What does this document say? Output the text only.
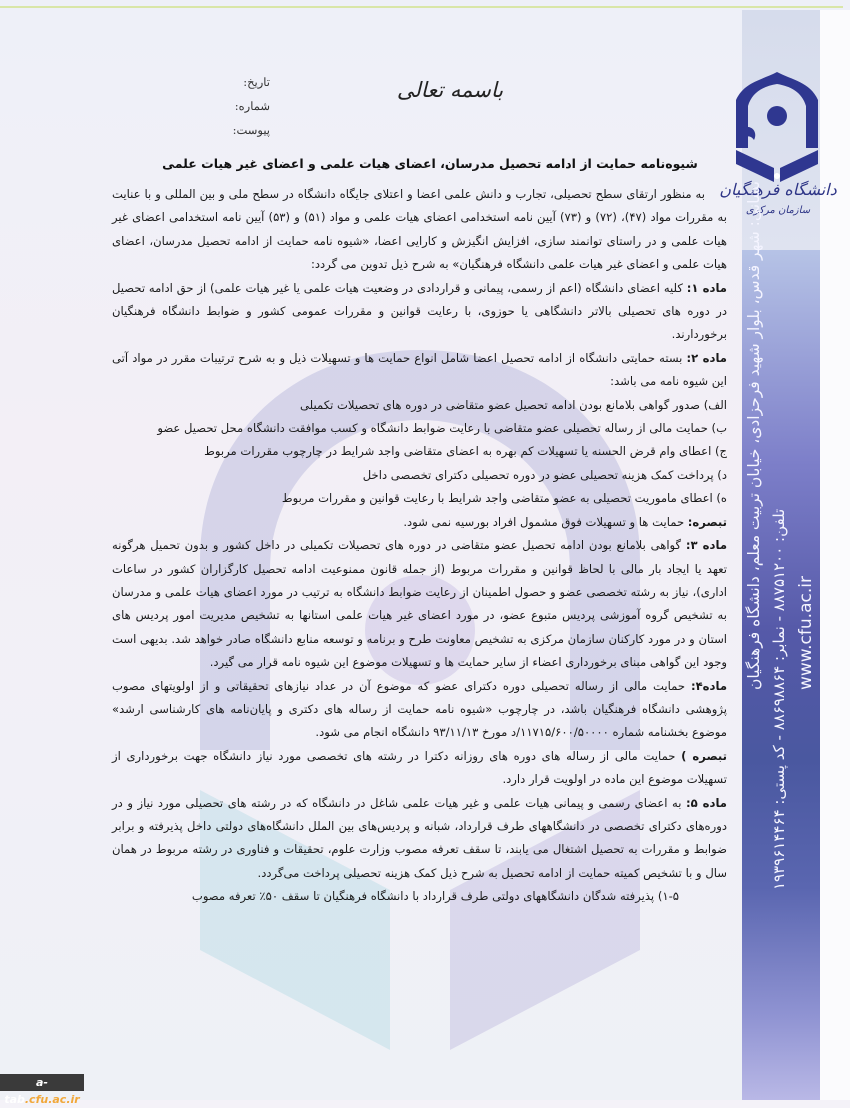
دانشگاه فرهنگیان
سازمان مرکزی
نشانی: شهر قدس، بلوار شهید فرحزادی، خیابان تربیت معلم، دانشگاه فرهنگیان
تلفن: ۸۸۷۵۱۲۰۰ - نمابر: ۸۸۶۹۸۸۶۴ - کد پستی: ۱۹۳۹۶۱۴۴۶۴
www.cfu.ac.ir
باسمه تعالی
تاریخ:
شماره:
پیوست:
شیوه‌نامه حمایت از ادامه تحصیل مدرسان، اعضای هیات علمی و اعضای غیر هیات علمی

به منظور ارتقای سطح تحصیلی، تجارب و دانش علمی اعضا و اعتلای جایگاه دانشگاه در سطح ملی و بین المللی و با عنایت به مقررات مواد (۴۷)، (۷۲) و (۷۳) آیین نامه استخدامی اعضای هیات علمی و مواد (۵۱) و (۵۳) آیین نامه استخدامی اعضای غیر هیات علمی و در راستای توانمند سازی، افزایش انگیزش و کارایی اعضا، «شیوه نامه حمایت از ادامه تحصیل مدرسان، اعضای هیات علمی و اعضای غیر هیات علمی دانشگاه فرهنگیان» به شرح ذیل تدوین می گردد:

ماده ۱: کلیه اعضای دانشگاه (اعم از رسمی، پیمانی و قراردادی در وضعیت هیات علمی یا غیر هیات علمی) از حق ادامه تحصیل در دوره های تحصیلی بالاتر دانشگاهی یا حوزوی، با رعایت قوانین و مقررات عمومی کشور و ضوابط دانشگاه فرهنگیان برخوردارند.

ماده ۲: بسته حمایتی دانشگاه از ادامه تحصیل اعضا شامل انواع حمایت ها و تسهیلات ذیل و به شرح ترتیبات مقرر در مواد آتی این شیوه نامه می باشد:

الف) صدور گواهی بلامانع بودن ادامه تحصیل عضو متقاضی در دوره های تحصیلات تکمیلی

ب) حمایت مالی از رساله تحصیلی عضو متقاضی با رعایت ضوابط دانشگاه و کسب موافقت دانشگاه محل تحصیل عضو

ج) اعطای وام قرض الحسنه یا تسهیلات کم بهره به اعضای متقاضی واجد شرایط در چارچوب مقررات مربوط

د) پرداخت کمک هزینه تحصیلی عضو در دوره تحصیلی دکترای تخصصی داخل

ه) اعطای ماموریت تحصیلی به عضو متقاضی واجد شرایط با رعایت قوانین و مقررات مربوط

تبصره: حمایت ها و تسهیلات فوق مشمول افراد بورسیه نمی شود.

ماده ۳: گواهی بلامانع بودن ادامه تحصیل عضو متقاضی در دوره های تحصیلات تکمیلی در داخل کشور و بدون تحمیل هرگونه تعهد یا ایجاد بار مالی با لحاظ قوانین و مقررات مربوط (از جمله قانون ممنوعیت ادامه تحصیل کارگزاران کشور در ساعات اداری)، نیاز به رشته تخصصی عضو و حصول اطمینان از رعایت ضوابط دانشگاه به ترتیب در مورد اعضای هیات علمی و مدرسان به تشخیص گروه آموزشی پردیس متبوع عضو، در مورد اعضای غیر هیات علمی استانها به تشخیص مدیریت امور پردیس های استان و در مورد کارکنان سازمان مرکزی به تشخیص معاونت طرح و برنامه و توسعه منابع دانشگاه صادر خواهد شد. بدیهی است وجود این گواهی مبنای برخورداری اعضاء از سایر حمایت ها و تسهیلات موضوع این شیوه نامه قرار می گیرد.

ماده۴: حمایت مالی از رساله تحصیلی دوره دکترای عضو که موضوع آن در عداد نیازهای تحقیقاتی و از اولویتهای مصوب پژوهشی دانشگاه فرهنگیان باشد، در چارچوب «شیوه نامه حمایت از رساله های دکتری و پایان‌نامه های کارشناسی ارشد» موضوع بخشنامه شماره ۱۱۷۱۵/۶۰۰/۵۰۰۰۰/د مورخ ۹۳/۱۱/۱۳ دانشگاه انجام می شود.

تبصره ) حمایت مالی از رساله های دوره های روزانه دکترا در رشته های تخصصی مورد نیاز دانشگاه جهت برخورداری از تسهیلات موضوع این ماده در اولویت قرار دارد.

ماده ۵: به اعضای رسمی و پیمانی هیات علمی و غیر هیات علمی شاغل در دانشگاه که در رشته های تحصیلی مورد نیاز و در دوره‌های دکترای تخصصی در دانشگاههای طرف قرارداد، شبانه و پردیس‌های بین الملل دانشگاه‌های دولتی داخل پذیرفته و برابر ضوابط و مقررات به تحصیل اشتغال می یابند، تا سقف تعرفه مصوب وزارت علوم، تحقیقات و فناوری در رشته مربوط در همان سال و با تشخیص کمیته حمایت از ادامه تحصیل به شرح ذیل کمک هزینه تحصیلی پرداخت می‌گردد.

۱-۵) پذیرفته شدگان دانشگاههای دولتی طرف قرارداد با دانشگاه فرهنگیان تا سقف ۵۰٪ تعرفه مصوب

a-tab.cfu.ac.ir
